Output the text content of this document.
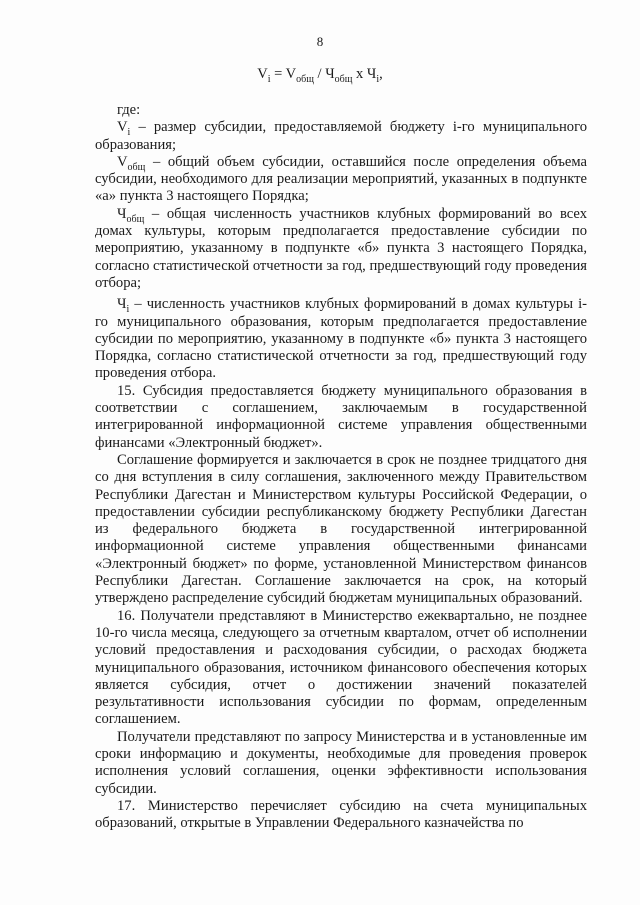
8
$V_i = V_{общ} / Ч_{общ}$ х $Ч_i$,

где:

$V_i$ – размер субсидии, предоставляемой бюджету i-го муниципального образования;

$V_{общ}$ – общий объем субсидии, оставшийся после определения объема субсидии, необходимого для реализации мероприятий, указанных в подпункте «а» пункта 3 настоящего Порядка;

$Ч_{общ}$ – общая численность участников клубных формирований во всех домах культуры, которым предполагается предоставление субсидии по мероприятию, указанному в подпункте «б» пункта 3 настоящего Порядка, согласно статистической отчетности за год, предшествующий году проведения отбора;

$Ч_i$ – численность участников клубных формирований в домах культуры i-го муниципального образования, которым предполагается предоставление субсидии по мероприятию, указанному в подпункте «б» пункта 3 настоящего Порядка, согласно статистической отчетности за год, предшествующий году проведения отбора.

15. Субсидия предоставляется бюджету муниципального образования в соответствии с соглашением, заключаемым в государственной интегрированной информационной системе управления общественными финансами «Электронный бюджет».

Соглашение формируется и заключается в срок не позднее тридцатого дня со дня вступления в силу соглашения, заключенного между Правительством Республики Дагестан и Министерством культуры Российской Федерации, о предоставлении субсидии республиканскому бюджету Республики Дагестан из федерального бюджета в государственной интегрированной информационной системе управления общественными финансами «Электронный бюджет» по форме, установленной Министерством финансов Республики Дагестан. Соглашение заключается на срок, на который утверждено распределение субсидий бюджетам муниципальных образований.

16. Получатели представляют в Министерство ежеквартально, не позднее 10-го числа месяца, следующего за отчетным кварталом, отчет об исполнении условий предоставления и расходования субсидии, о расходах бюджета муниципального образования, источником финансового обеспечения которых является субсидия, отчет о достижении значений показателей результативности использования субсидии по формам, определенным соглашением.

Получатели представляют по запросу Министерства и в установленные им сроки информацию и документы, необходимые для проведения проверок исполнения условий соглашения, оценки эффективности использования субсидии.

17. Министерство перечисляет субсидию на счета муниципальных образований, открытые в Управлении Федерального казначейства по
